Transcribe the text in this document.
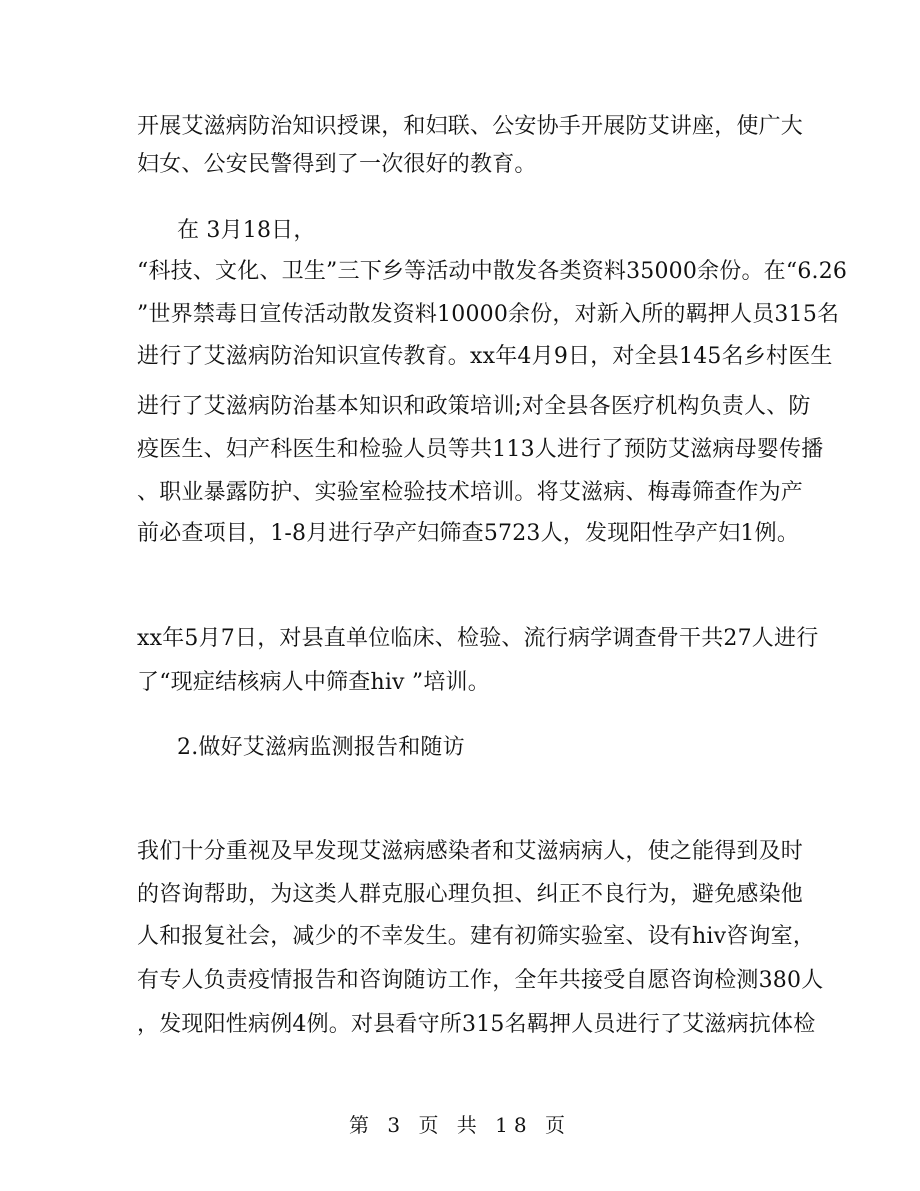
开展艾滋病防治知识授课，和妇联、公安协手开展防艾讲座，使广大
妇女、公安民警得到了一次很好的教育。
在 3月18日，
“科技、文化、卫生”三下乡等活动中散发各类资料35000余份。在“6.26
”世界禁毒日宣传活动散发资料10000余份，对新入所的羁押人员315名
进行了艾滋病防治知识宣传教育。xx年4月9日，对全县145名乡村医生
进行了艾滋病防治基本知识和政策培训;对全县各医疗机构负责人、防
疫医生、妇产科医生和检验人员等共113人进行了预防艾滋病母婴传播
、职业暴露防护、实验室检验技术培训。将艾滋病、梅毒筛查作为产
前必查项目，1-8月进行孕产妇筛查5723人，发现阳性孕产妇1例。
xx年5月7日，对县直单位临床、检验、流行病学调查骨干共27人进行
了“现症结核病人中筛查hiv ”培训。
2.做好艾滋病监测报告和随访
我们十分重视及早发现艾滋病感染者和艾滋病病人，使之能得到及时
的咨询帮助，为这类人群克服心理负担、纠正不良行为，避免感染他
人和报复社会，减少的不幸发生。建有初筛实验室、设有hiv咨询室，
有专人负责疫情报告和咨询随访工作，全年共接受自愿咨询检测380人
，发现阳性病例4例。对县看守所315名羁押人员进行了艾滋病抗体检
第 3 页 共 18 页
